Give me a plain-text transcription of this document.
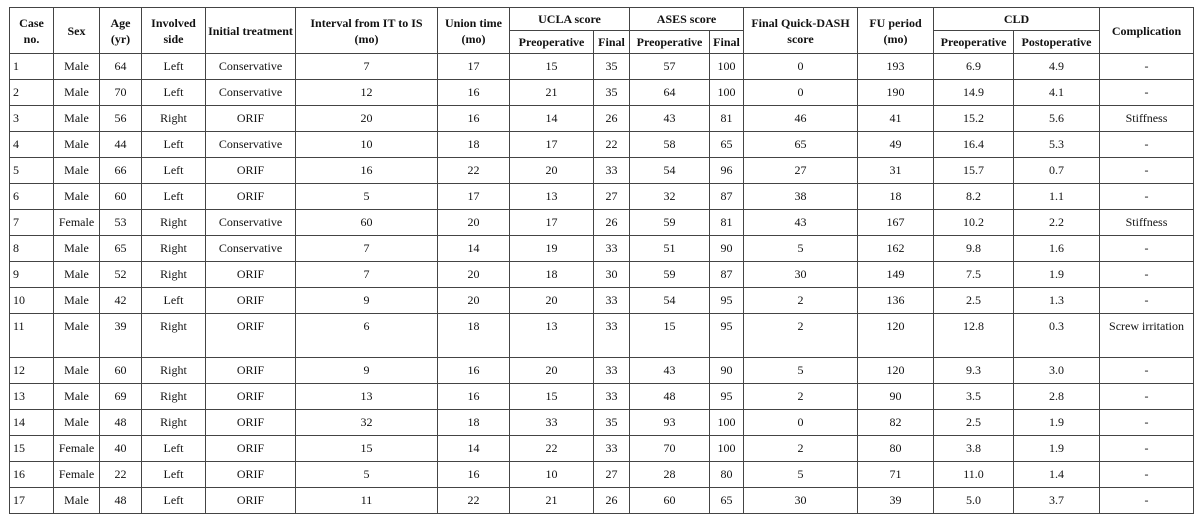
Case no.	Sex	Age (yr)	Involved side	Initial treatment	Interval from IT to IS (mo)	Union time (mo)	UCLA score		ASES score		Final Quick-DASH score	FU period (mo)	CLD		Complication
							Preoperative	Final	Preoperative	Final			Preoperative	Postoperative	
1	Male	64	Left	Conservative	7	17	15	35	57	100	0	193	6.9	4.9	-
2	Male	70	Left	Conservative	12	16	21	35	64	100	0	190	14.9	4.1	-
3	Male	56	Right	ORIF	20	16	14	26	43	81	46	41	15.2	5.6	Stiffness
4	Male	44	Left	Conservative	10	18	17	22	58	65	65	49	16.4	5.3	-
5	Male	66	Left	ORIF	16	22	20	33	54	96	27	31	15.7	0.7	-
6	Male	60	Left	ORIF	5	17	13	27	32	87	38	18	8.2	1.1	-
7	Female	53	Right	Conservative	60	20	17	26	59	81	43	167	10.2	2.2	Stiffness
8	Male	65	Right	Conservative	7	14	19	33	51	90	5	162	9.8	1.6	-
9	Male	52	Right	ORIF	7	20	18	30	59	87	30	149	7.5	1.9	-
10	Male	42	Left	ORIF	9	20	20	33	54	95	2	136	2.5	1.3	-
11	Male	39	Right	ORIF	6	18	13	33	15	95	2	120	12.8	0.3	Screw irritation
12	Male	60	Right	ORIF	9	16	20	33	43	90	5	120	9.3	3.0	-
13	Male	69	Right	ORIF	13	16	15	33	48	95	2	90	3.5	2.8	-
14	Male	48	Right	ORIF	32	18	33	35	93	100	0	82	2.5	1.9	-
15	Female	40	Left	ORIF	15	14	22	33	70	100	2	80	3.8	1.9	-
16	Female	22	Left	ORIF	5	16	10	27	28	80	5	71	11.0	1.4	-
17	Male	48	Left	ORIF	11	22	21	26	60	65	30	39	5.0	3.7	-
